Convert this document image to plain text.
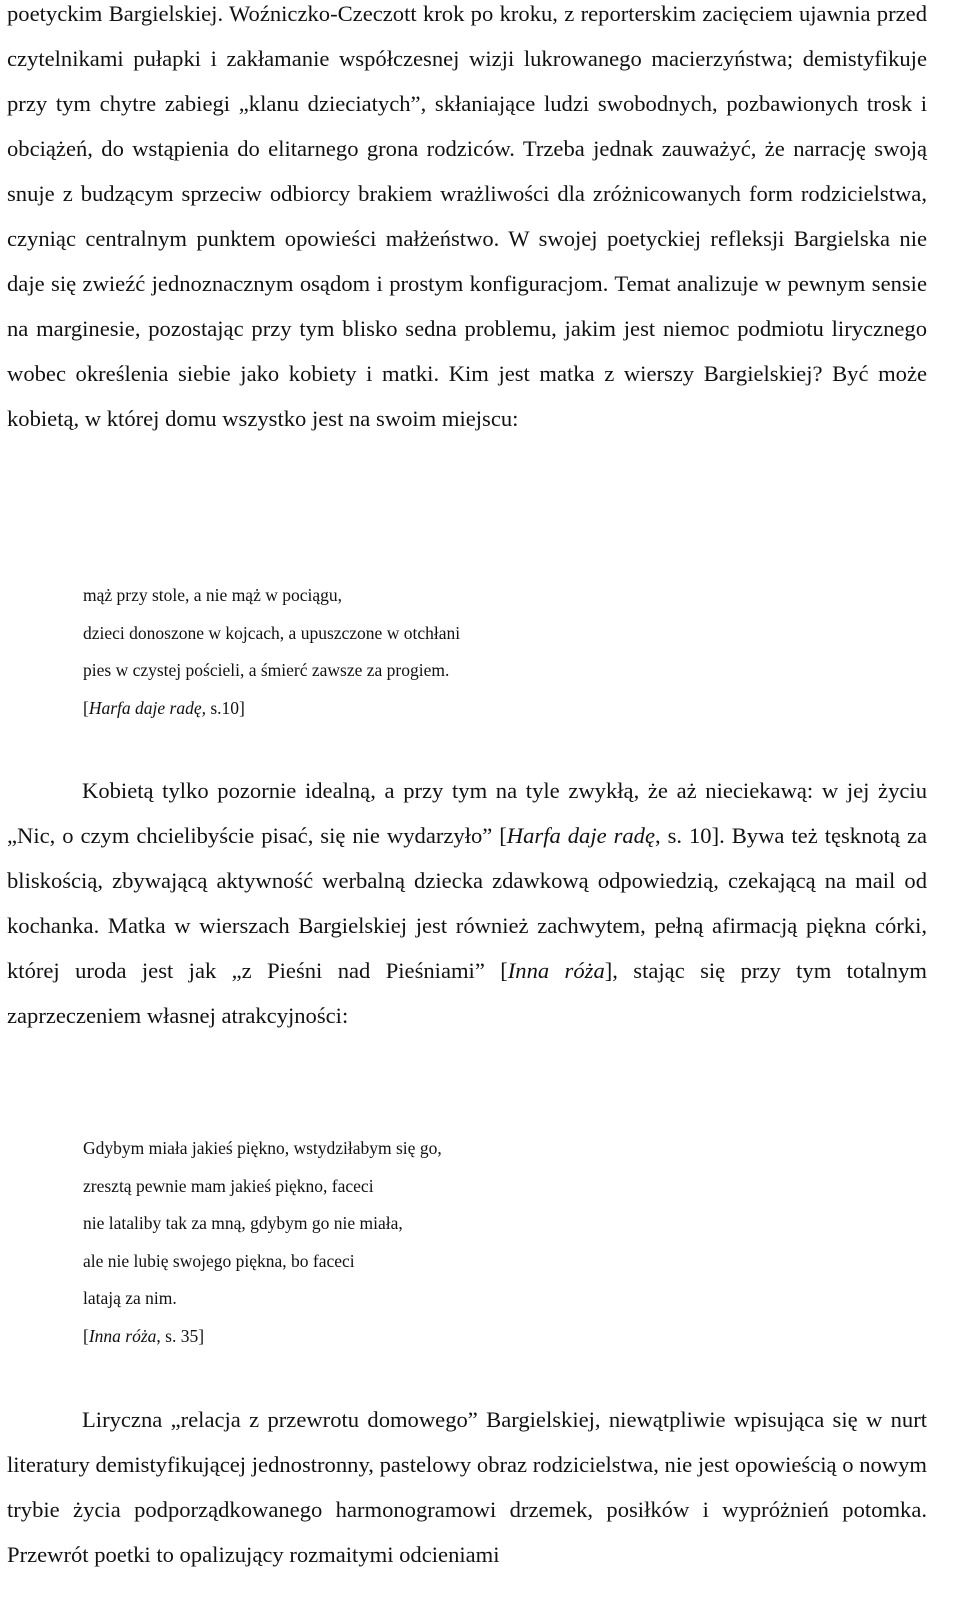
poetyckim Bargielskiej. Woźniczko-Czeczott krok po kroku, z reporterskim zacięciem ujawnia przed czytelnikami pułapki i zakłamanie współczesnej wizji lukrowanego macierzyństwa; demistyfikuje przy tym chytre zabiegi „klanu dzieciatych”, skłaniające ludzi swobodnych, pozbawionych trosk i obciążeń, do wstąpienia do elitarnego grona rodziców. Trzeba jednak zauważyć, że narrację swoją snuje z budzącym sprzeciw odbiorcy brakiem wrażliwości dla zróżnicowanych form rodzicielstwa, czyniąc centralnym punktem opowieści małżeństwo. W swojej poetyckiej refleksji Bargielska nie daje się zwieźć jednoznacznym osądom i prostym konfiguracjom. Temat analizuje w pewnym sensie na marginesie, pozostając przy tym blisko sedna problemu, jakim jest niemoc podmiotu lirycznego wobec określenia siebie jako kobiety i matki. Kim jest matka z wierszy Bargielskiej? Być może kobietą, w której domu wszystko jest na swoim miejscu:

mąż przy stole, a nie mąż w pociągu,
dzieci donoszone w kojcach, a upuszczone w otchłani
pies w czystej pościeli, a śmierć zawsze za progiem.
[Harfa daje radę, s.10]

Kobietą tylko pozornie idealną, a przy tym na tyle zwykłą, że aż nieciekawą: w jej życiu „Nic, o czym chcielibyście pisać, się nie wydarzyło” [Harfa daje radę, s. 10]. Bywa też tęsknotą za bliskością, zbywającą aktywność werbalną dziecka zdawkową odpowiedzią, czekającą na mail od kochanka. Matka w wierszach Bargielskiej jest również zachwytem, pełną afirmacją piękna córki, której uroda jest jak „z Pieśni nad Pieśniami” [Inna róża], stając się przy tym totalnym zaprzeczeniem własnej atrakcyjności:

Gdybym miała jakieś piękno, wstydziłabym się go,
zresztą pewnie mam jakieś piękno, faceci
nie lataliby tak za mną, gdybym go nie miała,
ale nie lubię swojego piękna, bo faceci
latają za nim.
[Inna róża, s. 35]

Liryczna „relacja z przewrotu domowego” Bargielskiej, niewątpliwie wpisująca się w nurt literatury demistyfikującej jednostronny, pastelowy obraz rodzicielstwa, nie jest opowieścią o nowym trybie życia podporządkowanego harmonogramowi drzemek, posiłków i wypróżnień potomka. Przewrót poetki to opalizujący rozmaitymi odcieniami
